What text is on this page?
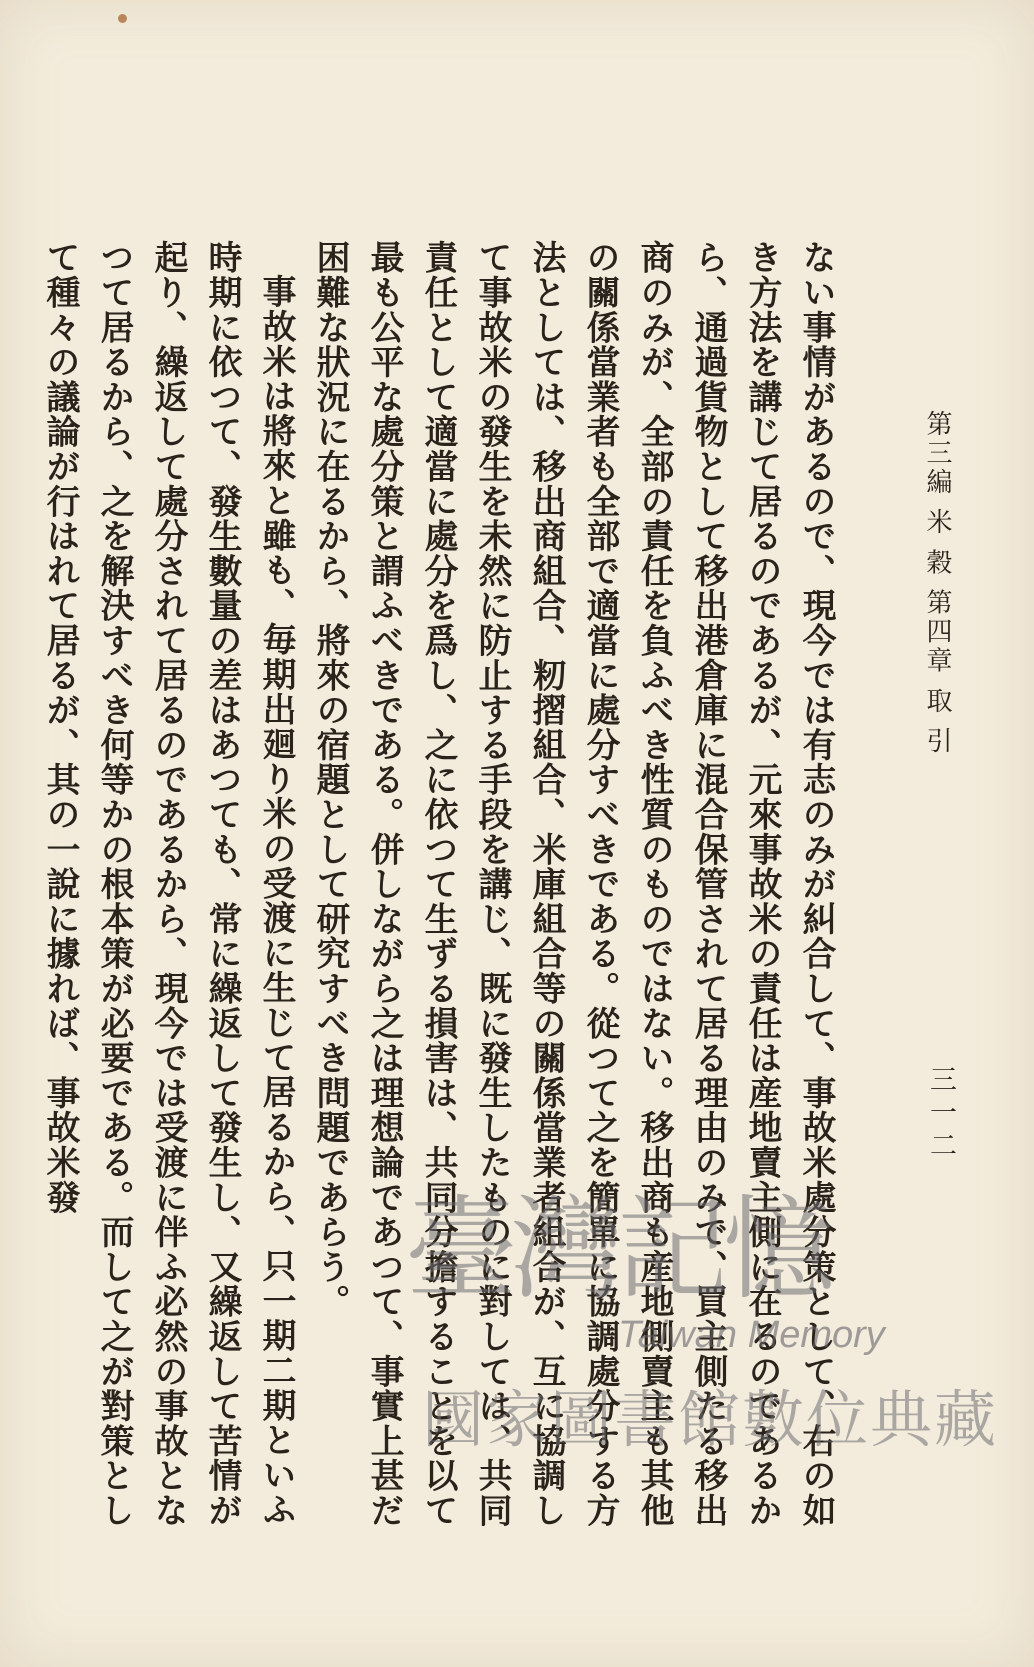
第三編 米 穀 第四章 取 引
三一二

ない事情があるので、現今では有志のみが糾合して、事故米處分策として、右の如き方法を講じて居るのであるが、元來事故米の責任は産地賣主側に在るのであるから、通過貨物として移出港倉庫に混合保管されて居る理由のみで、買主側たる移出商のみが、全部の責任を負ふべき性質のものではない。移出商も産地側賣主も其他の關係當業者も全部で適當に處分すべきである。從つて之を簡單に協調處分する方法としては、移出商組合、籾摺組合、米庫組合等の關係當業者組合が、互に協調して事故米の發生を未然に防止する手段を講じ、既に發生したものに對しては、共同責任として適當に處分を爲し、之に依つて生ずる損害は、共同分擔することを以て最も公平な處分策と謂ふべきである。併しながら之は理想論であつて、事實上甚だ困難な狀況に在るから、將來の宿題として研究すべき問題であらう。

事故米は將來と雖も、毎期出廻り米の受渡に生じて居るから、只一期二期といふ時期に依つて、發生數量の差はあつても、常に繰返して發生し、又繰返して苦情が起り、繰返して處分されて居るのであるから、現今では受渡に伴ふ必然の事故となつて居るから、之を解決すべき何等かの根本策が必要である。而して之が對策として種々の議論が行はれて居るが、其の一說に據れば、事故米發

臺灣記憶
Taiwan Memory
國家圖書館數位典藏
